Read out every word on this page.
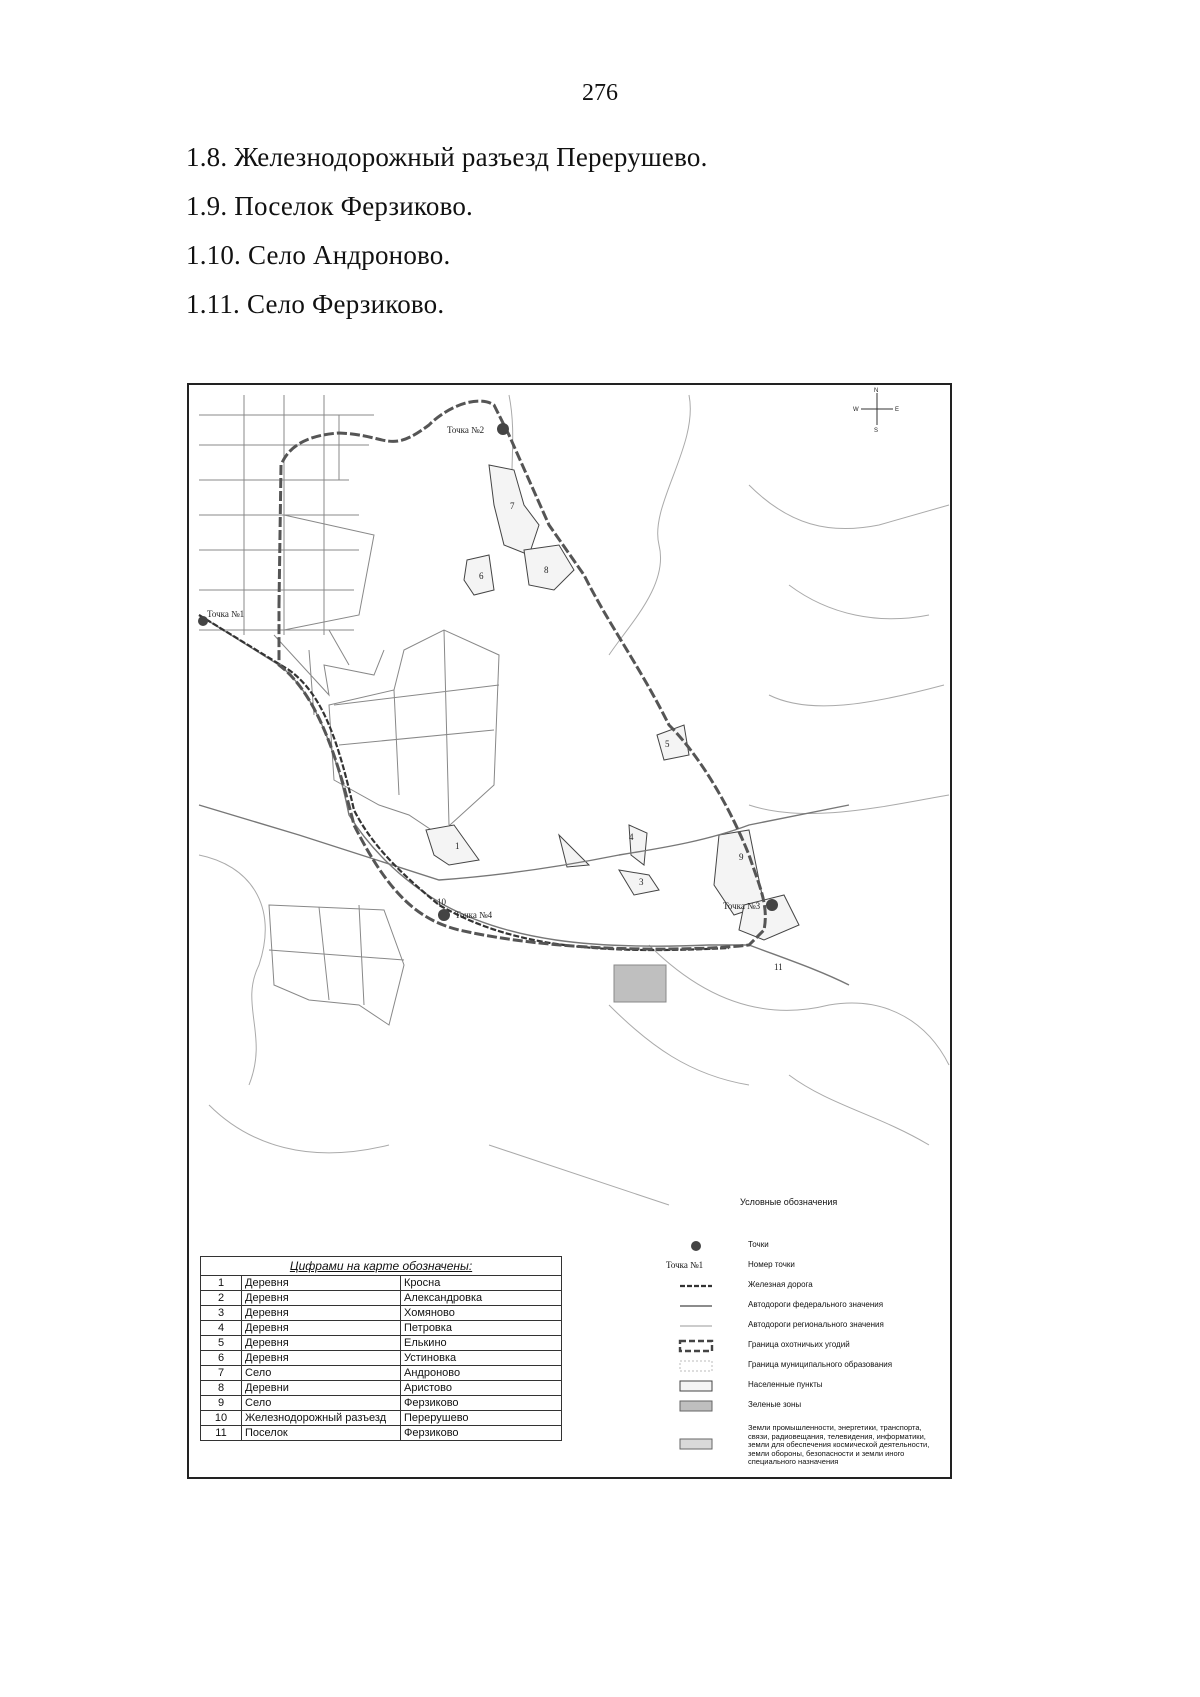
276
1.8. Железнодорожный разъезд Перерушево.
1.9. Поселок Ферзиково.
1.10. Село Андроново.
1.11. Село Ферзиково.
Точка №1
Точка №2
Точка №3
Точка №4
1
3
4
5
6
7
8
9
10
11
N
S
E
W
Условные обозначения
Точки
Точка №1	Номер точки
Железная дорога
Автодороги федерального значения
Автодороги регионального значения
Граница охотничьих угодий
Граница муниципального образования
Населенные пункты
Зеленые зоны
Земли промышленности, энергетики, транспорта, связи, радиовещания, телевидения, информатики, земли для обеспечения космической деятельности, земли обороны, безопасности и земли иного специального назначения
Цифрами на карте обозначены:
1	Деревня	Кросна
2	Деревня	Александровка
3	Деревня	Хомяново
4	Деревня	Петровка
5	Деревня	Елькино
6	Деревня	Устиновка
7	Село	Андроново
8	Деревни	Аристово
9	Село	Ферзиково
10	Железнодорожный разъезд	Перерушево
11	Поселок	Ферзиково
